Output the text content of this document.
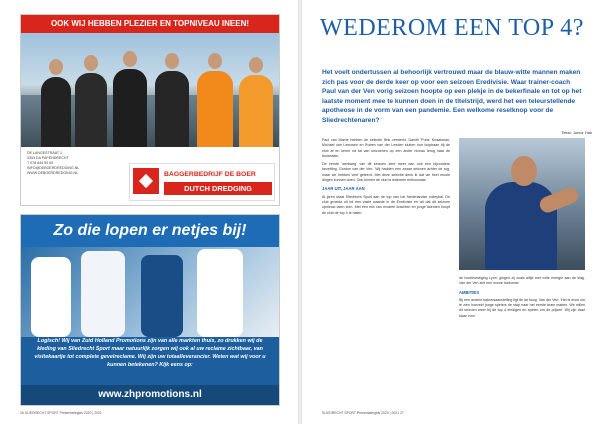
OOK WIJ HEBBEN PLEZIER EN TOPNIVEAU INEEN!
DE LANGESTRAAT 1
3353 DA PAPENDRECHT
T 078 644 90 00
INFO@DEBOERDREDGING.NL
WWW.DEBOERDREDGING.NL	BAGGERBEDRIJF DE BOER
DUTCH DREDGING
Zo die lopen er netjes bij!
Logisch! Wij van Zuid Holland Promotions zijn van alle markten thuis, zo drukken wij de kleding van Sliedrecht Sport maar natuurlijk zorgen wij ook al uw reclame zichtbaar, van visitekaartje tot complete gevelreclame. Wij zijn uw totaalleverancier. Weten wat wij voor u kunnen betekenen? Kijk eens op:
www.zhpromotions.nl
26 SLIEDRECHT SPORT Presentatiegids 2020 | 2021
WEDEROM EEN TOP 4?
Het voelt ondertussen al behoorlijk vertrouwd maar de blauw-witte mannen maken zich pas voor de derde keer op voor een seizoen Eredivisie. Waar trainer-coach Paul van der Ven vorig seizoen hoopte op een plekje in de bekerfinale en tot op het laatste moment mee te kunnen doen in de titelstrijd, werd het een teleurstellende apotheose in de vorm van een pandemie. Een welkome reselknop voor de Sliedrechtenaren?
Tekst: Junior Hak

Paul van Marrie hebben de selectie flink versterkt. Daniël 'Puhs' Knaakman, Michael van Leeuwen en Ruben van der Leeden sluiten hun loopbaan bij de club af en keren na tal van seizoenen op een ander niveau terug naar de thuisbasis.

De eerste 'werkweg' van dit seizoen kent meer dan ooit een bijzondere bezetting. Gordon van der Ven: 'Wij hadden een zwaar seizoen achter de rug, maar we hebben veel geleerd. Met deze selectie denk ik dat we heel mooie dingen kunnen doen. Ook binnen de club is iedereen enthousiast.'

JAAR UIT, JAAR AAN

Al jaren staat Sliedrecht Sport aan de top van het Nederlandse volleybal. De club groeide uit tot een vaste waarde in de Eredivisie en wil dat dit seizoen opnieuw laten zien. Met een mix van ervaren krachten en jonge talenten hoopt de club de top 4 te halen.

de hoofdvestiging Lyon, gingen zij zoals altijd met volle energie aan de slag. Van der Ven ziet een mooie toekomst.

AMBITIES

Bij een andere trainersaanstelling ligt de lat hoog. Van der Ven: 'Het is mooi om te zien hoeveel jonge spelers de stap naar het eerste team maken. We willen dit seizoen weer bij de top 4 eindigen en spelen om de prijzen. Wij zijn daar klaar voor.'

SLIEDRECHT SPORT Presentatiegids 2020 | 2021 27
